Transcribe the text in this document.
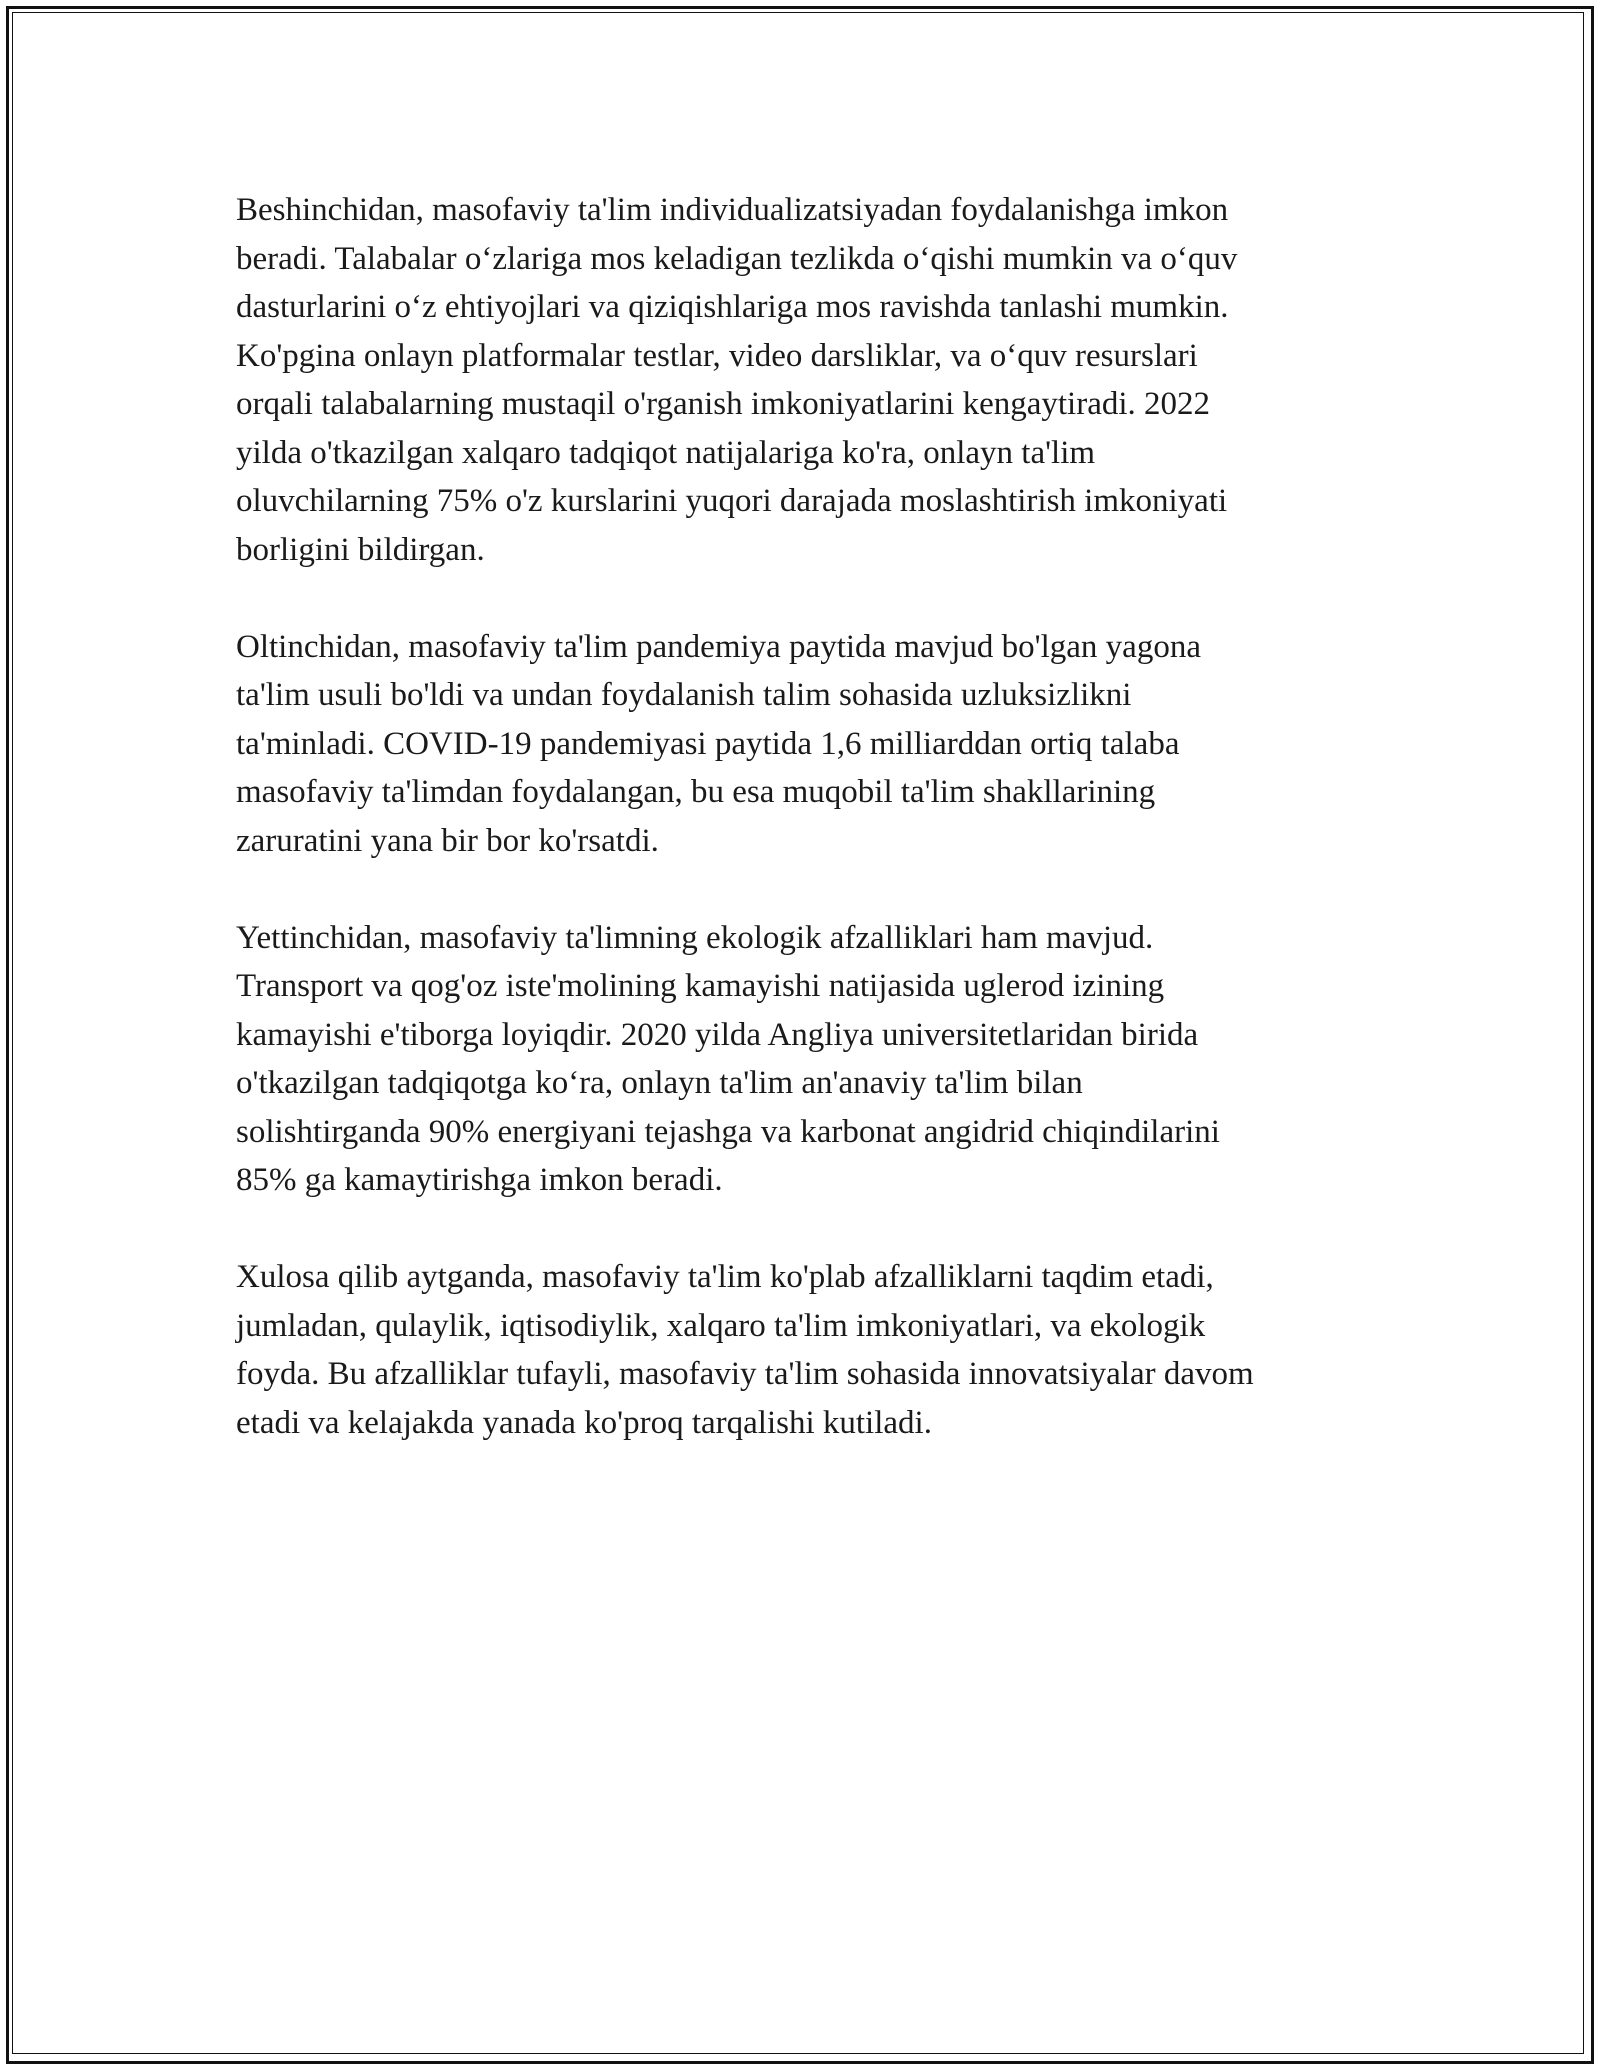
Beshinchidan, masofaviy ta'lim individualizatsiyadan foydalanishga imkon
beradi. Talabalar o‘zlariga mos keladigan tezlikda o‘qishi mumkin va o‘quv
dasturlarini o‘z ehtiyojlari va qiziqishlariga mos ravishda tanlashi mumkin.
Ko'pgina onlayn platformalar testlar, video darsliklar, va o‘quv resurslari
orqali talabalarning mustaqil o'rganish imkoniyatlarini kengaytiradi. 2022
yilda o'tkazilgan xalqaro tadqiqot natijalariga ko'ra, onlayn ta'lim
oluvchilarning 75% o'z kurslarini yuqori darajada moslashtirish imkoniyati
borligini bildirgan.

Oltinchidan, masofaviy ta'lim pandemiya paytida mavjud bo'lgan yagona
ta'lim usuli bo'ldi va undan foydalanish talim sohasida uzluksizlikni
ta'minladi. COVID-19 pandemiyasi paytida 1,6 milliarddan ortiq talaba
masofaviy ta'limdan foydalangan, bu esa muqobil ta'lim shakllarining
zaruratini yana bir bor ko'rsatdi.

Yettinchidan, masofaviy ta'limning ekologik afzalliklari ham mavjud.
Transport va qog'oz iste'molining kamayishi natijasida uglerod izining
kamayishi e'tiborga loyiqdir. 2020 yilda Angliya universitetlaridan birida
o'tkazilgan tadqiqotga ko‘ra, onlayn ta'lim an'anaviy ta'lim bilan
solishtirganda 90% energiyani tejashga va karbonat angidrid chiqindilarini
85% ga kamaytirishga imkon beradi.

Xulosa qilib aytganda, masofaviy ta'lim ko'plab afzalliklarni taqdim etadi,
jumladan, qulaylik, iqtisodiylik, xalqaro ta'lim imkoniyatlari, va ekologik
foyda. Bu afzalliklar tufayli, masofaviy ta'lim sohasida innovatsiyalar davom
etadi va kelajakda yanada ko'proq tarqalishi kutiladi.
